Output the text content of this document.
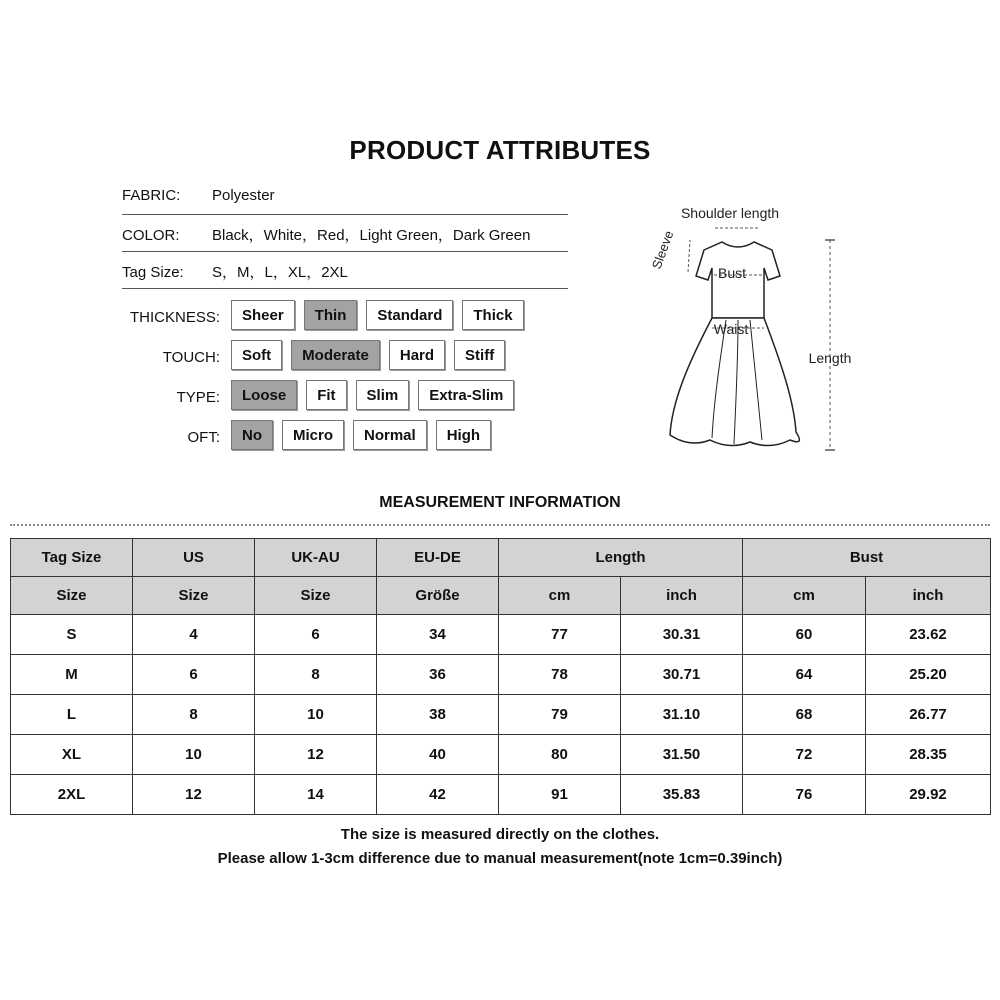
PRODUCT ATTRIBUTES
FABRIC: Polyester
COLOR: Black，White，Red，Light Green，Dark Green
Tag Size: S，M，L，XL，2XL
THICKNESS:	Sheer	Thin	Standard	Thick
TOUCH:	Soft	Moderate	Hard	Stiff
TYPE:	Loose	Fit	Slim	Extra-Slim
OFT:	No	Micro	Normal	High
Shoulder length
Sleeve
Bust
Waist
Length
MEASUREMENT INFORMATION
Tag Size	US	UK-AU	EU-DE	Length		Bust	
Size	Size	Size	Größe	cm	inch	cm	inch
S	4	6	34	77	30.31	60	23.62
M	6	8	36	78	30.71	64	25.20
L	8	10	38	79	31.10	68	26.77
XL	10	12	40	80	31.50	72	28.35
2XL	12	14	42	91	35.83	76	29.92
The size is measured directly on the clothes.
Please allow 1-3cm difference due to manual measurement(note 1cm=0.39inch)
